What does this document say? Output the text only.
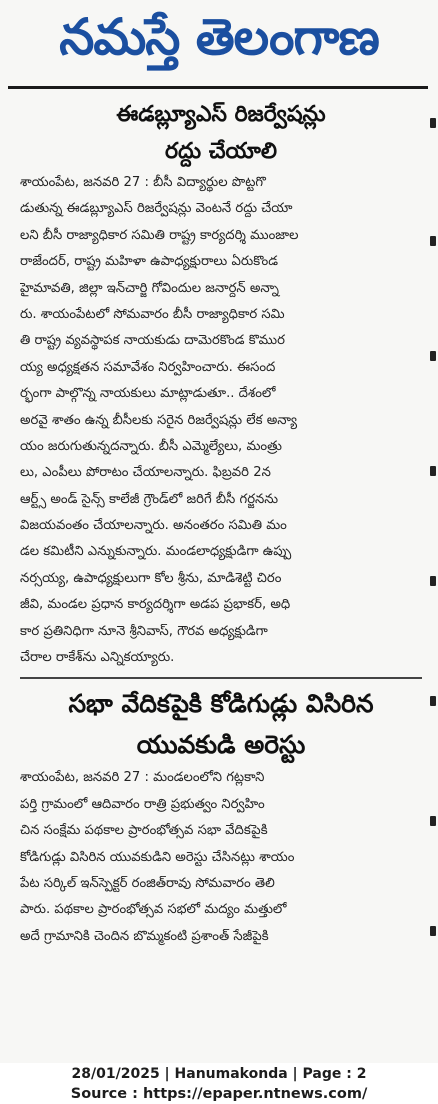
నమస్తే తెలంగాణ

ఈడబ్ల్యూఎస్ రిజర్వేషన్లు

రద్దు చేయాలి

శాయంపేట, జనవరి 27 : బీసీ విద్యార్థుల పొట్టగొ
డుతున్న ఈడబ్ల్యూఎస్ రిజర్వేషన్లు వెంటనే రద్దు చేయా
లని బీసీ రాజ్యాధికార సమితి రాష్ట్ర కార్యదర్శి ముంజాల
రాజేందర్, రాష్ట్ర మహిళా ఉపాధ్యక్షురాలు ఏరుకొండ
హైమావతి, జిల్లా ఇన్‌చార్జి గోవిందుల జనార్దన్ అన్నా
రు. శాయంపేటలో సోమవారం బీసీ రాజ్యాధికార సమి
తి రాష్ట్ర వ్యవస్థాపక నాయకుడు దామెరకొండ కొముర
య్య అధ్యక్షతన సమావేశం నిర్వహించారు. ఈసంద
ర్భంగా పాల్గొన్న నాయకులు మాట్లాడుతూ.. దేశంలో
అరవై శాతం ఉన్న బీసీలకు సరైన రిజర్వేషన్లు లేక అన్యా
యం జరుగుతున్నదన్నారు. బీసీ ఎమ్మెల్యేలు, మంత్రు
లు, ఎంపీలు పోరాటం చేయాలన్నారు. ఫిబ్రవరి 2న
ఆర్ట్స్ అండ్ సైన్స్ కాలేజీ గ్రౌండ్‌లో జరిగే బీసీ గర్జనను
విజయవంతం చేయాలన్నారు. అనంతరం సమితి మం
డల కమిటీని ఎన్నుకున్నారు. మండలాధ్యక్షుడిగా ఉప్పు
నర్సయ్య, ఉపాధ్యక్షులుగా కోల శ్రీను, మాడిశెట్టి చిరం
జీవి, మండల ప్రధాన కార్యదర్శిగా అడప ప్రభాకర్, అధి
కార ప్రతినిధిగా నూనె శ్రీనివాస్, గౌరవ అధ్యక్షుడిగా
చేరాల రాకేశ్‌ను ఎన్నికయ్యారు.

సభా వేదికపైకి కోడిగుడ్లు విసిరిన

యువకుడి అరెస్టు

శాయంపేట, జనవరి 27 : మండలంలోని గట్లకాని
పర్తి గ్రామంలో ఆదివారం రాత్రి ప్రభుత్వం నిర్వహిం
చిన సంక్షేమ పథకాల ప్రారంభోత్సవ సభా వేదికపైకి
కోడిగుడ్లు విసిరిన యువకుడిని అరెస్టు చేసినట్లు శాయం
పేట సర్కిల్ ఇన్‌స్పెక్టర్ రంజిత్‌రావు సోమవారం తెలి
పారు. పథకాల ప్రారంభోత్సవ సభలో మద్యం మత్తులో
అదే గ్రామానికి చెందిన బొమ్మకంటి ప్రశాంత్ సేజీపైకి
28/01/2025 | Hanumakonda | Page : 2
Source : https://epaper.ntnews.com/
